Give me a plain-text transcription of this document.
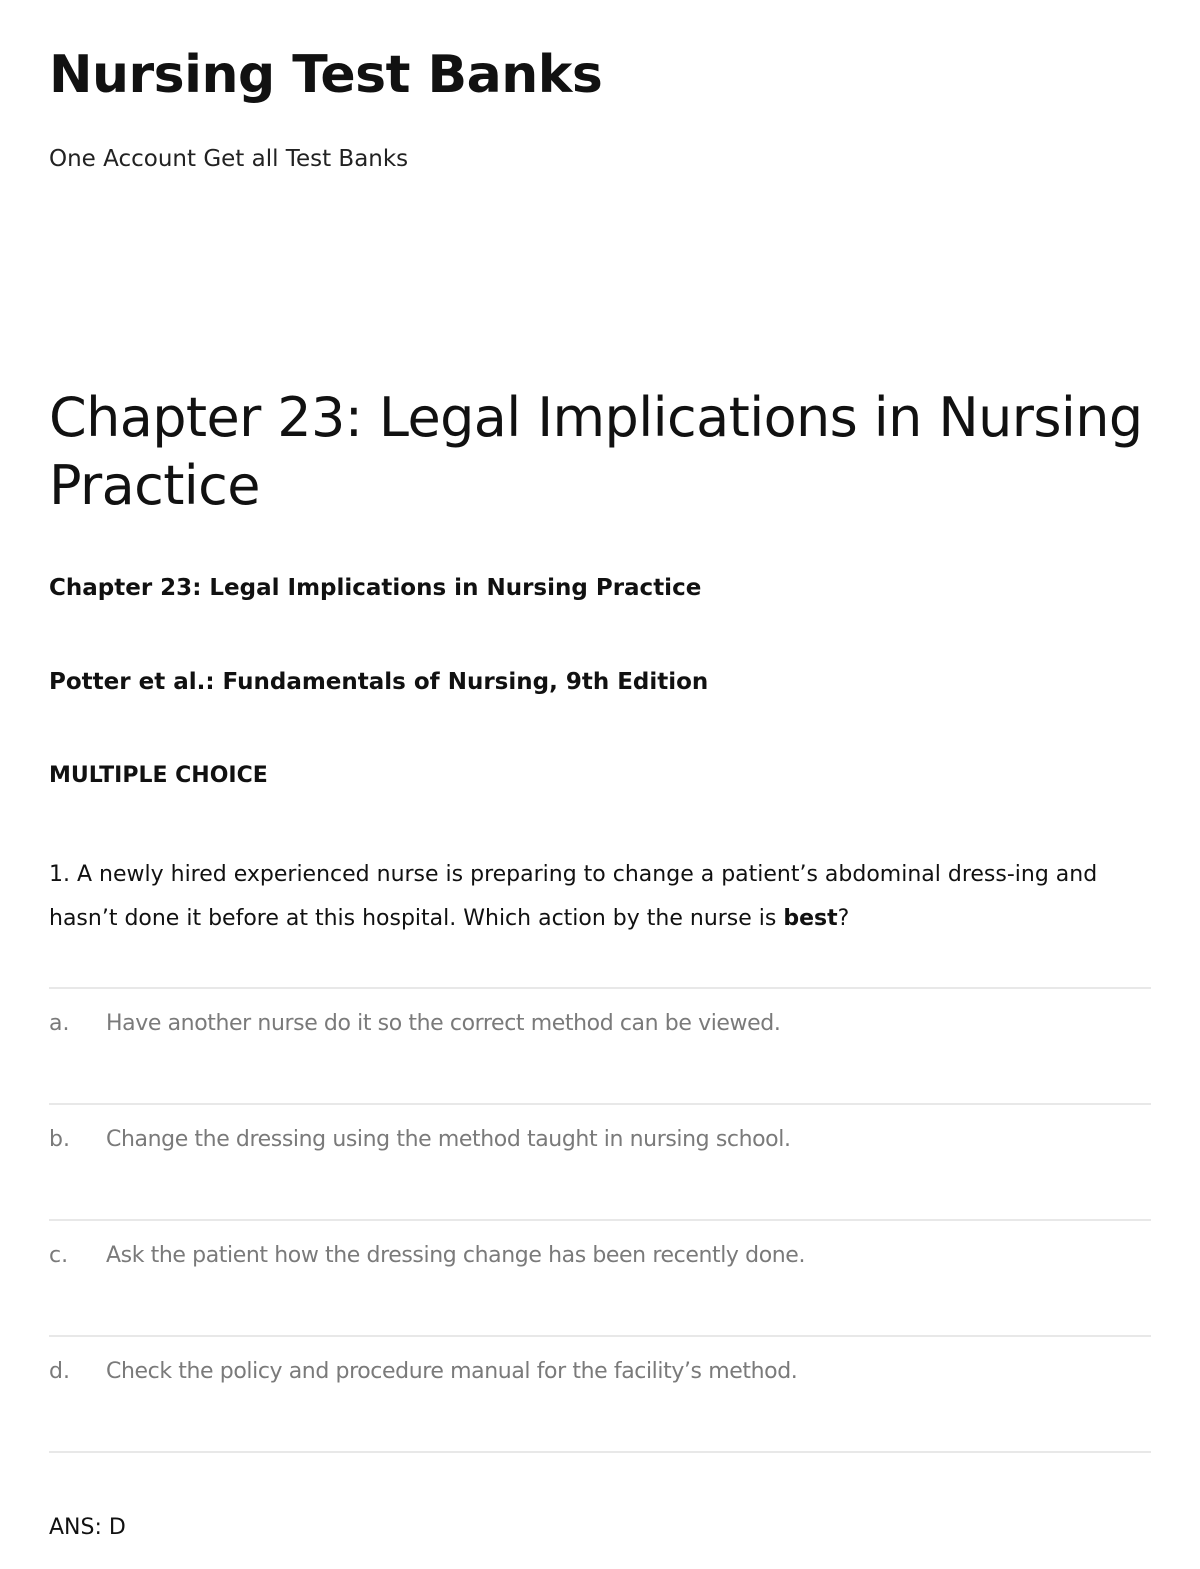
Nursing Test Banks

One Account Get all Test Banks

Chapter 23: Legal Implications in Nursing Practice

Chapter 23: Legal Implications in Nursing Practice

Potter et al.: Fundamentals of Nursing, 9th Edition

MULTIPLE CHOICE

1. A newly hired experienced nurse is preparing to change a patient’s abdominal dress-ing and hasn’t done it before at this hospital. Which action by the nurse is best?

a. Have another nurse do it so the correct method can be viewed.
b. Change the dressing using the method taught in nursing school.
c. Ask the patient how the dressing change has been recently done.
d. Check the policy and procedure manual for the facility’s method.

ANS: D
